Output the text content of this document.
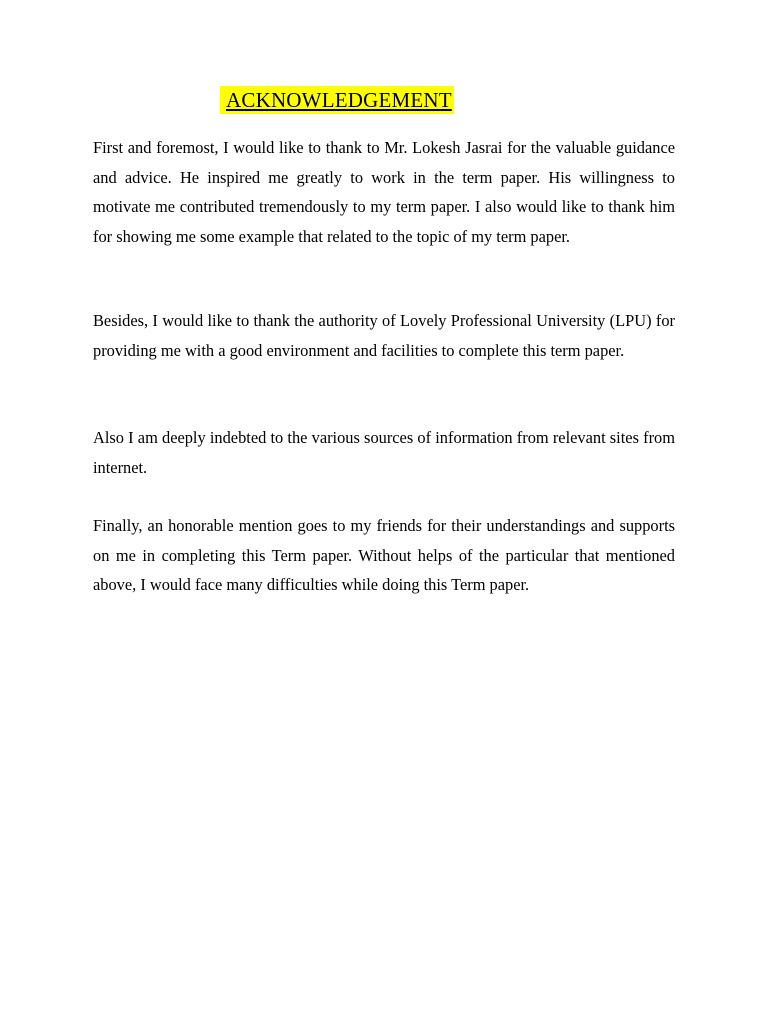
ACKNOWLEDGEMENT

First and foremost, I would like to thank to Mr. Lokesh Jasrai for the valuable guidance and advice. He inspired me greatly to work in the term paper. His willingness to motivate me contributed tremendously to my term paper. I also would like to thank him for showing me some example that related to the topic of my term paper.

Besides, I would like to thank the authority of Lovely Professional University (LPU) for providing me with a good environment and facilities to complete this term paper.

Also I am deeply indebted to the various sources of information from relevant sites from internet.

Finally, an honorable mention goes to my friends for their understandings and supports on me in completing this Term paper. Without helps of the particular that mentioned above, I would face many difficulties while doing this Term paper.
